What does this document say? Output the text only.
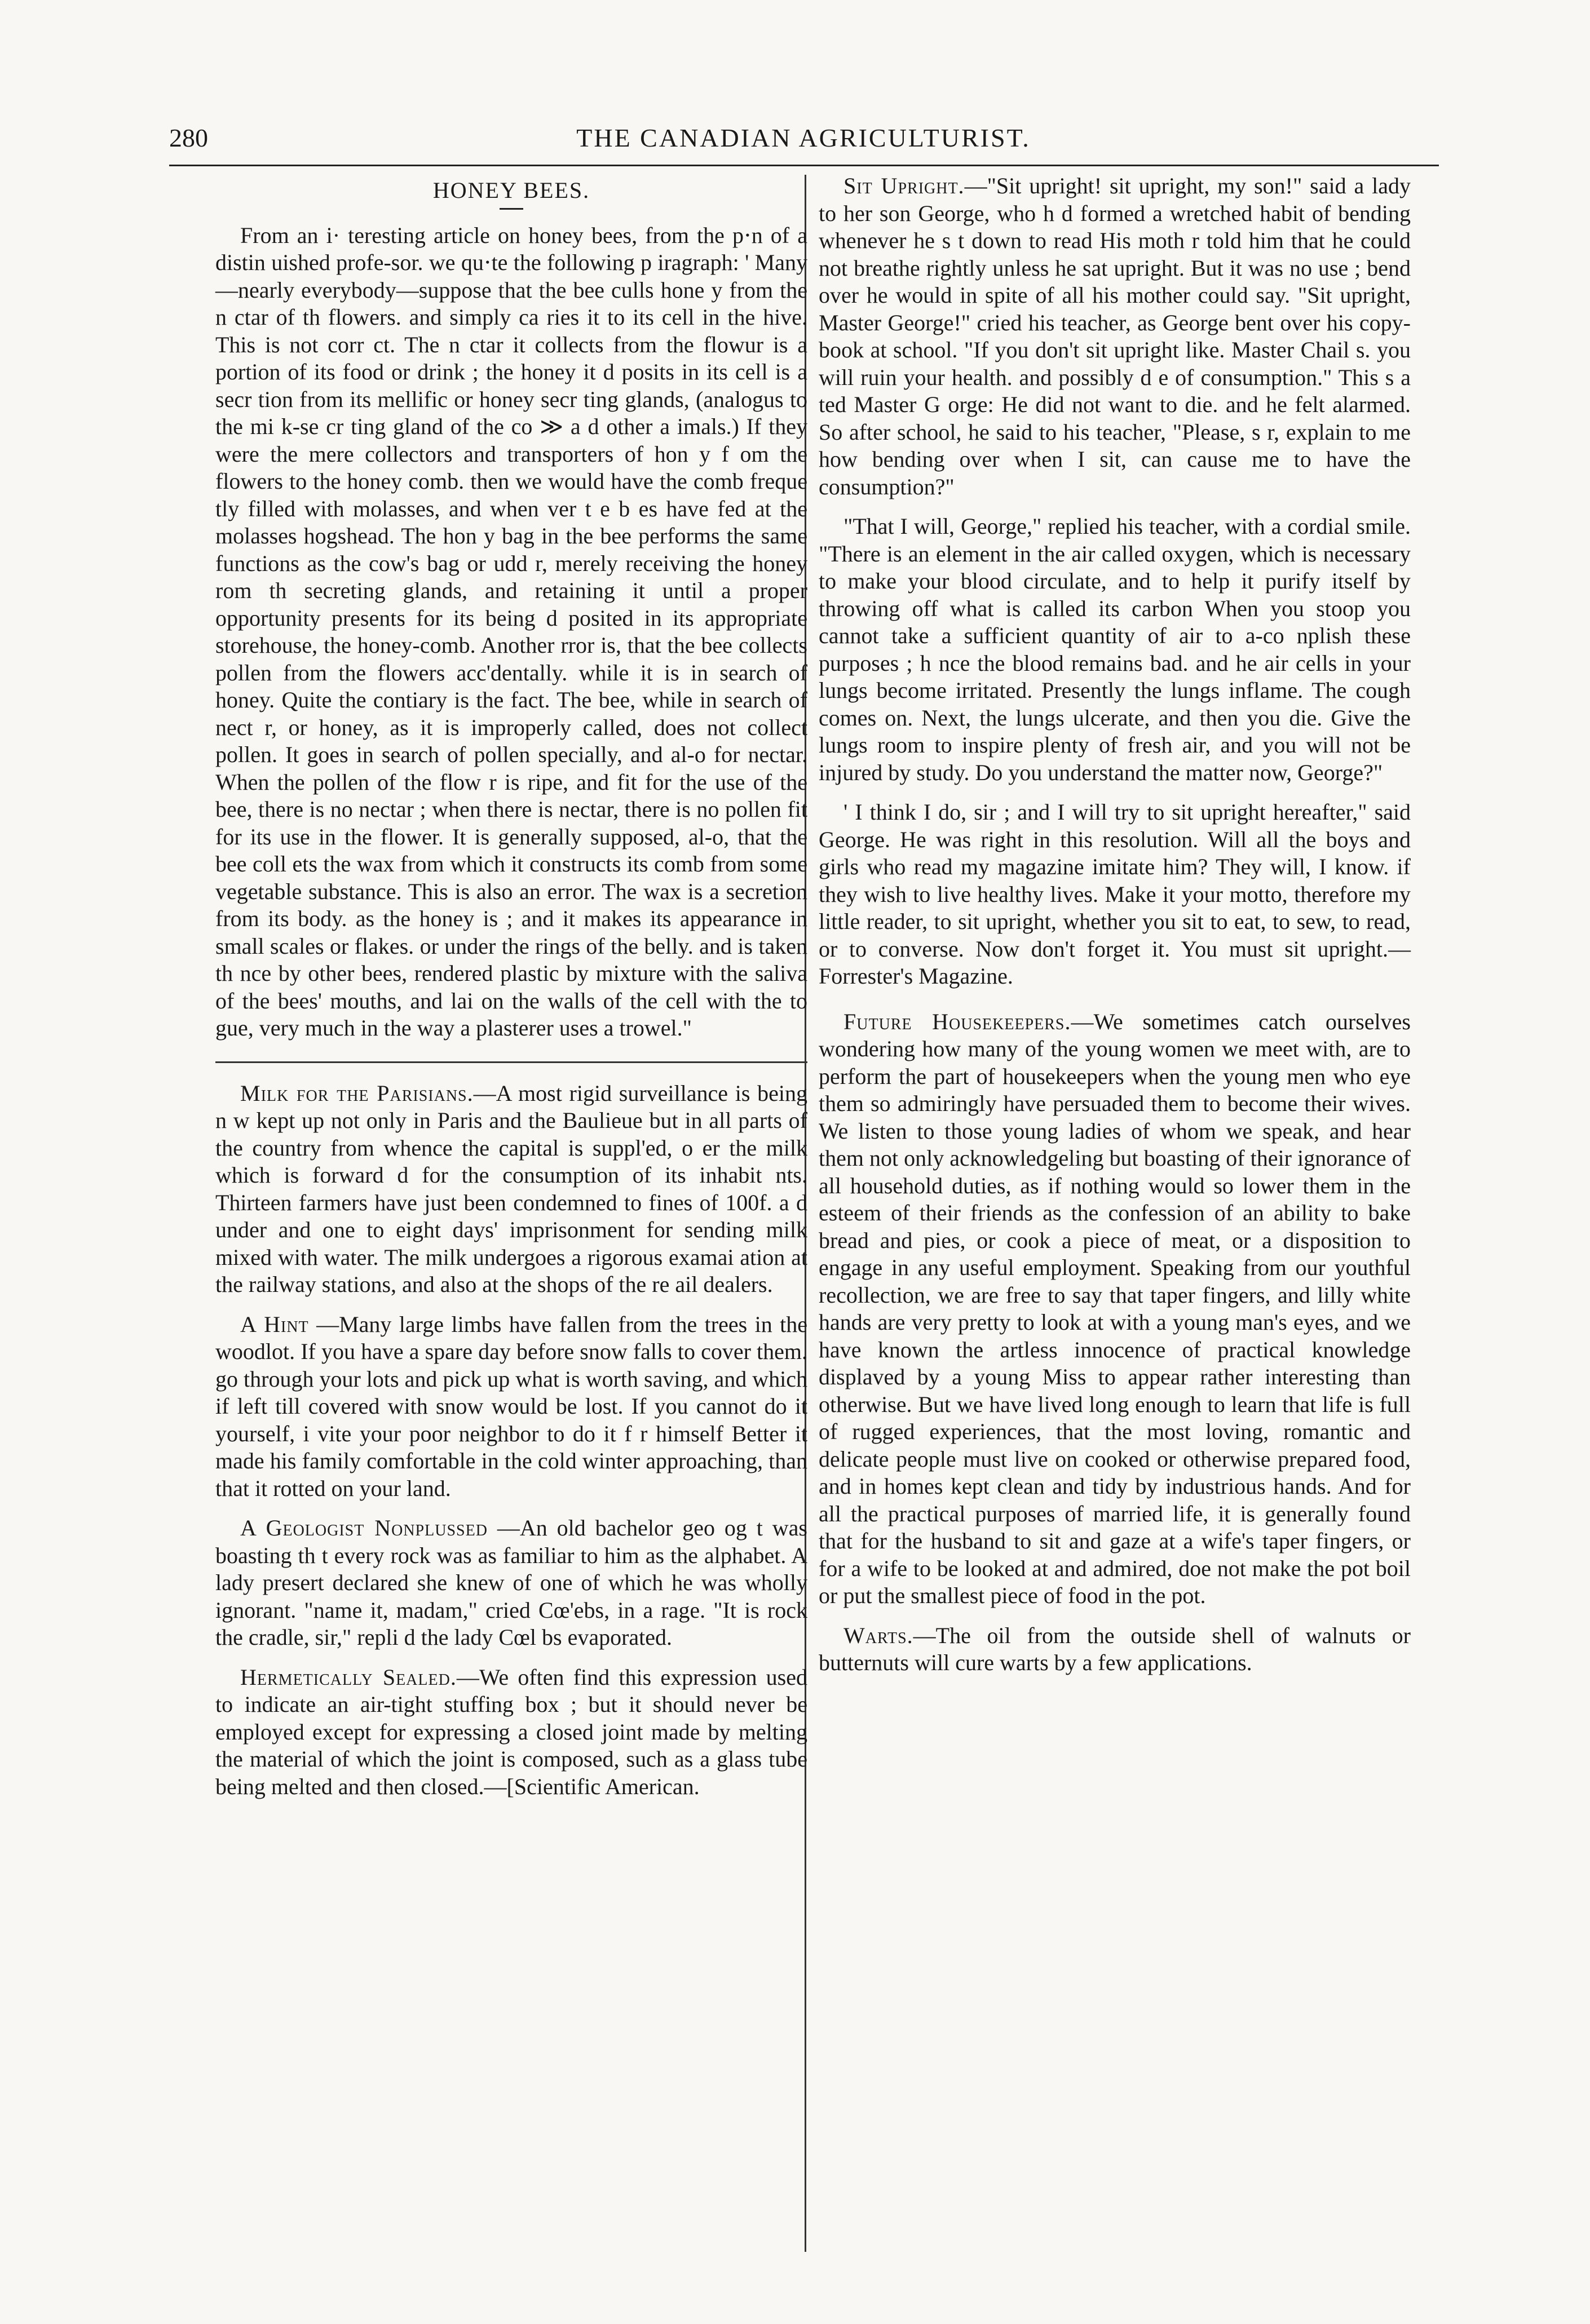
280	THE CANADIAN AGRICULTURIST.
HONEY BEES.

From an i· teresting article on honey bees, from the p⋅n of a distin uished profe-sor. we qu⋅te the following p iragraph: ' Many—nearly everybody—suppose that the bee culls hone y from the n ctar of th flowers. and simply ca ries it to its cell in the hive. This is not corr ct. The n ctar it collects from the flowur is a portion of its food or drink ; the honey it d posits in its cell is a secr tion from its mellific or honey secr ting glands, (analogus to the mi k-se cr ting gland of the co ≫ a d other a imals.) If they were the mere collectors and transporters of hon y f om the flowers to the honey comb. then we would have the comb freque tly filled with molasses, and when ver t e b es have fed at the molasses hogshead. The hon y bag in the bee performs the same functions as the cow's bag or udd r, merely receiving the honey rom th secreting glands, and retaining it until a proper opportunity presents for its being d posited in its appropriate storehouse, the honey-comb. Another rror is, that the bee collects pollen from the flowers acc'dentally. while it is in search of honey. Quite the contiary is the fact. The bee, while in search of nect r, or honey, as it is improperly called, does not collect pollen. It goes in search of pollen specially, and al-o for nectar. When the pollen of the flow r is ripe, and fit for the use of the bee, there is no nectar ; when there is nectar, there is no pollen fit for its use in the flower. It is generally supposed, al-o, that the bee coll ets the wax from which it constructs its comb from some vegetable substance. This is also an error. The wax is a secretion from its body. as the honey is ; and it makes its appearance in small scales or flakes. or under the rings of the belly. and is taken th nce by other bees, rendered plastic by mixture with the saliva of the bees' mouths, and lai on the walls of the cell with the to gue, very much in the way a plasterer uses a trowel."

Milk for the Parisians.—A most rigid surveillance is being n w kept up not only in Paris and the Baulieue but in all parts of the country from whence the capital is suppl'ed, o er the milk which is forward d for the consumption of its inhabit nts. Thirteen farmers have just been condemned to fines of 100f. a d under and one to eight days' imprisonment for sending milk mixed with water. The milk undergoes a rigorous examai ation at the railway stations, and also at the shops of the re ail dealers.

A Hint —Many large limbs have fallen from the trees in the woodlot. If you have a spare day before snow falls to cover them. go through your lots and pick up what is worth saving, and which if left till covered with snow would be lost. If you cannot do it yourself, i vite your poor neighbor to do it f r himself Better it made his family comfortable in the cold winter approaching, than that it rotted on your land.

A Geologist Nonplussed —An old bachelor geo og t was boasting th t every rock was as familiar to him as the alphabet. A lady presert declared she knew of one of which he was wholly ignorant. "name it, madam," cried Cœ'ebs, in a rage. "It is rock the cradle, sir," repli d the lady Cœl bs evaporated.

Hermetically Sealed.—We often find this expression used to indicate an air-tight stuffing box ; but it should never be employed except for expressing a closed joint made by melting the material of which the joint is composed, such as a glass tube being melted and then closed.—[Scientific American.

Sit Upright.—"Sit upright! sit upright, my son!" said a lady to her son George, who h d formed a wretched habit of bending whenever he s t down to read His moth r told him that he could not breathe rightly unless he sat upright. But it was no use ; bend over he would in spite of all his mother could say. "Sit upright, Master George!" cried his teacher, as George bent over his copy-book at school. "If you don't sit upright like. Master Chail s. you will ruin your health. and possibly d e of consumption." This s a ted Master G orge: He did not want to die. and he felt alarmed. So after school, he said to his teacher, "Please, s r, explain to me how bending over when I sit, can cause me to have the consumption?"

"That I will, George," replied his teacher, with a cordial smile. "There is an element in the air called oxygen, which is necessary to make your blood circulate, and to help it purify itself by throwing off what is called its carbon When you stoop you cannot take a sufficient quantity of air to a-co nplish these purposes ; h nce the blood remains bad. and he air cells in your lungs become irritated. Presently the lungs inflame. The cough comes on. Next, the lungs ulcerate, and then you die. Give the lungs room to inspire plenty of fresh air, and you will not be injured by study. Do you understand the matter now, George?"

' I think I do, sir ; and I will try to sit upright hereafter," said George. He was right in this resolution. Will all the boys and girls who read my magazine imitate him? They will, I know. if they wish to live healthy lives. Make it your motto, therefore my little reader, to sit upright, whether you sit to eat, to sew, to read, or to converse. Now don't forget it. You must sit upright.—Forrester's Magazine.

Future Housekeepers.—We sometimes catch ourselves wondering how many of the young women we meet with, are to perform the part of housekeepers when the young men who eye them so admiringly have persuaded them to become their wives. We listen to those young ladies of whom we speak, and hear them not only acknowledgeling but boasting of their ignorance of all household duties, as if nothing would so lower them in the esteem of their friends as the confession of an ability to bake bread and pies, or cook a piece of meat, or a disposition to engage in any useful employment. Speaking from our youthful recollection, we are free to say that taper fingers, and lilly white hands are very pretty to look at with a young man's eyes, and we have known the artless innocence of practical knowledge displaved by a young Miss to appear rather interesting than otherwise. But we have lived long enough to learn that life is full of rugged experiences, that the most loving, romantic and delicate people must live on cooked or otherwise prepared food, and in homes kept clean and tidy by industrious hands. And for all the practical purposes of married life, it is generally found that for the husband to sit and gaze at a wife's taper fingers, or for a wife to be looked at and admired, doe not make the pot boil or put the smallest piece of food in the pot.

Warts.—The oil from the outside shell of walnuts or butternuts will cure warts by a few applications.
